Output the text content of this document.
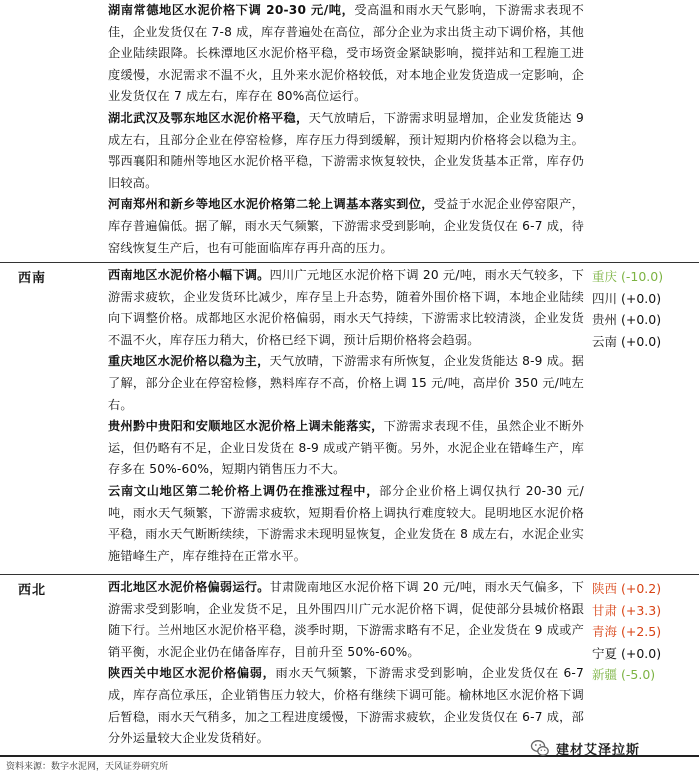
湖南常德地区水泥价格下调 20-30 元/吨，受高温和雨水天气影响，下游需求表现不佳，企业发货仅在 7-8 成，库存普遍处在高位，部分企业为求出货主动下调价格，其他企业陆续跟降。长株潭地区水泥价格平稳，受市场资金紧缺影响，搅拌站和工程施工进度缓慢，水泥需求不温不火，且外来水泥价格较低，对本地企业发货造成一定影响，企业发货仅在 7 成左右，库存在 80%高位运行。

湖北武汉及鄂东地区水泥价格平稳，天气放晴后，下游需求明显增加，企业发货能达 9 成左右，且部分企业在停窑检修，库存压力得到缓解，预计短期内价格将会以稳为主。鄂西襄阳和随州等地区水泥价格平稳，下游需求恢复较快，企业发货基本正常，库存仍旧较高。

河南郑州和新乡等地区水泥价格第二轮上调基本落实到位，受益于水泥企业停窑限产，库存普遍偏低。据了解，雨水天气频繁，下游需求受到影响，企业发货仅在 6-7 成，待窑线恢复生产后，也有可能面临库存再升高的压力。

西南	西南地区水泥价格小幅下调。四川广元地区水泥价格下调 20 元/吨，雨水天气较多，下游需求疲软，企业发货环比减少，库存呈上升态势，随着外围价格下调，本地企业陆续向下调整价格。成都地区水泥价格偏弱，雨水天气持续，下游需求比较清淡，企业发货不温不火，库存压力稍大，价格已经下调，预计后期价格将会趋弱。

重庆地区水泥价格以稳为主，天气放晴，下游需求有所恢复，企业发货能达 8-9 成。据了解，部分企业在停窑检修，熟料库存不高，价格上调 15 元/吨，高岸价 350 元/吨左右。

贵州黔中贵阳和安顺地区水泥价格上调未能落实，下游需求表现不佳，虽然企业不断外运，但仍略有不足，企业日发货在 8-9 成或产销平衡。另外，水泥企业在错峰生产，库存多在 50%-60%，短期内销售压力不大。

云南文山地区第二轮价格上调仍在推涨过程中，部分企业价格上调仅执行 20-30 元/吨，雨水天气频繁，下游需求疲软，短期看价格上调执行难度较大。昆明地区水泥价格平稳，雨水天气断断续续，下游需求未现明显恢复，企业发货在 8 成左右，水泥企业实施错峰生产，库存维持在正常水平。

重庆 (-10.0)
四川 (+0.0)
贵州 (+0.0)
云南 (+0.0)
西北	西北地区水泥价格偏弱运行。甘肃陇南地区水泥价格下调 20 元/吨，雨水天气偏多，下游需求受到影响，企业发货不足，且外围四川广元水泥价格下调，促使部分县城价格跟随下行。兰州地区水泥价格平稳，淡季时期，下游需求略有不足，企业发货在 9 成或产销平衡，水泥企业仍在储备库存，目前升至 50%-60%。

陕西关中地区水泥价格偏弱，雨水天气频繁，下游需求受到影响，企业发货仅在 6-7 成，库存高位承压，企业销售压力较大，价格有继续下调可能。榆林地区水泥价格下调后暂稳，雨水天气稍多，加之工程进度缓慢，下游需求疲软，企业发货仅在 6-7 成，部分外运量较大企业发货稍好。

陕西 (+0.2)
甘肃 (+3.3)
青海 (+2.5)
宁夏 (+0.0)
新疆 (-5.0)
资料来源：数字水泥网，天风证券研究所
建材艾泽拉斯
